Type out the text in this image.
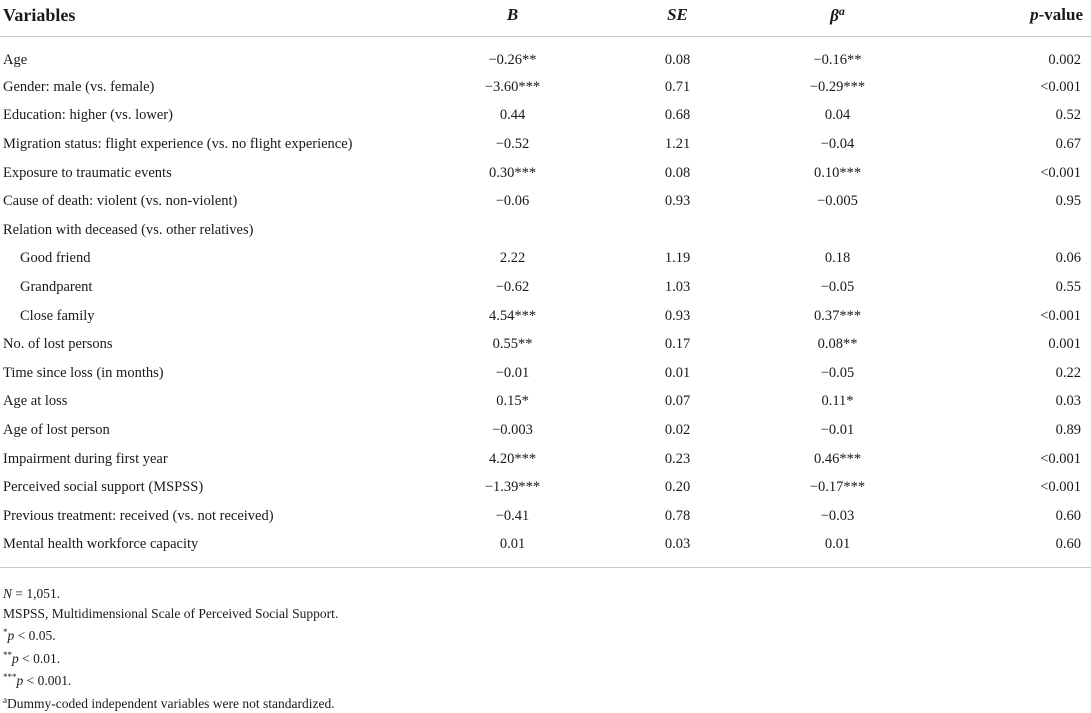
Variables	B	SE	$\beta^a$	p-value
Age	−0.26**	0.08	−0.16**	0.002
Gender: male (vs. female)	−3.60***	0.71	−0.29***	<0.001
Education: higher (vs. lower)	0.44	0.68	0.04	0.52
Migration status: flight experience (vs. no flight experience)	−0.52	1.21	−0.04	0.67
Exposure to traumatic events	0.30***	0.08	0.10***	<0.001
Cause of death: violent (vs. non-violent)	−0.06	0.93	−0.005	0.95
Relation with deceased (vs. other relatives)				
Good friend	2.22	1.19	0.18	0.06
Grandparent	−0.62	1.03	−0.05	0.55
Close family	4.54***	0.93	0.37***	<0.001
No. of lost persons	0.55**	0.17	0.08**	0.001
Time since loss (in months)	−0.01	0.01	−0.05	0.22
Age at loss	0.15*	0.07	0.11*	0.03
Age of lost person	−0.003	0.02	−0.01	0.89
Impairment during first year	4.20***	0.23	0.46***	<0.001
Perceived social support (MSPSS)	−1.39***	0.20	−0.17***	<0.001
Previous treatment: received (vs. not received)	−0.41	0.78	−0.03	0.60
Mental health workforce capacity	0.01	0.03	0.01	0.60
N = 1,051.
MSPSS, Multidimensional Scale of Perceived Social Support.
*p < 0.05.
**p < 0.01.
***p < 0.001.
$^a$Dummy-coded independent variables were not standardized.
